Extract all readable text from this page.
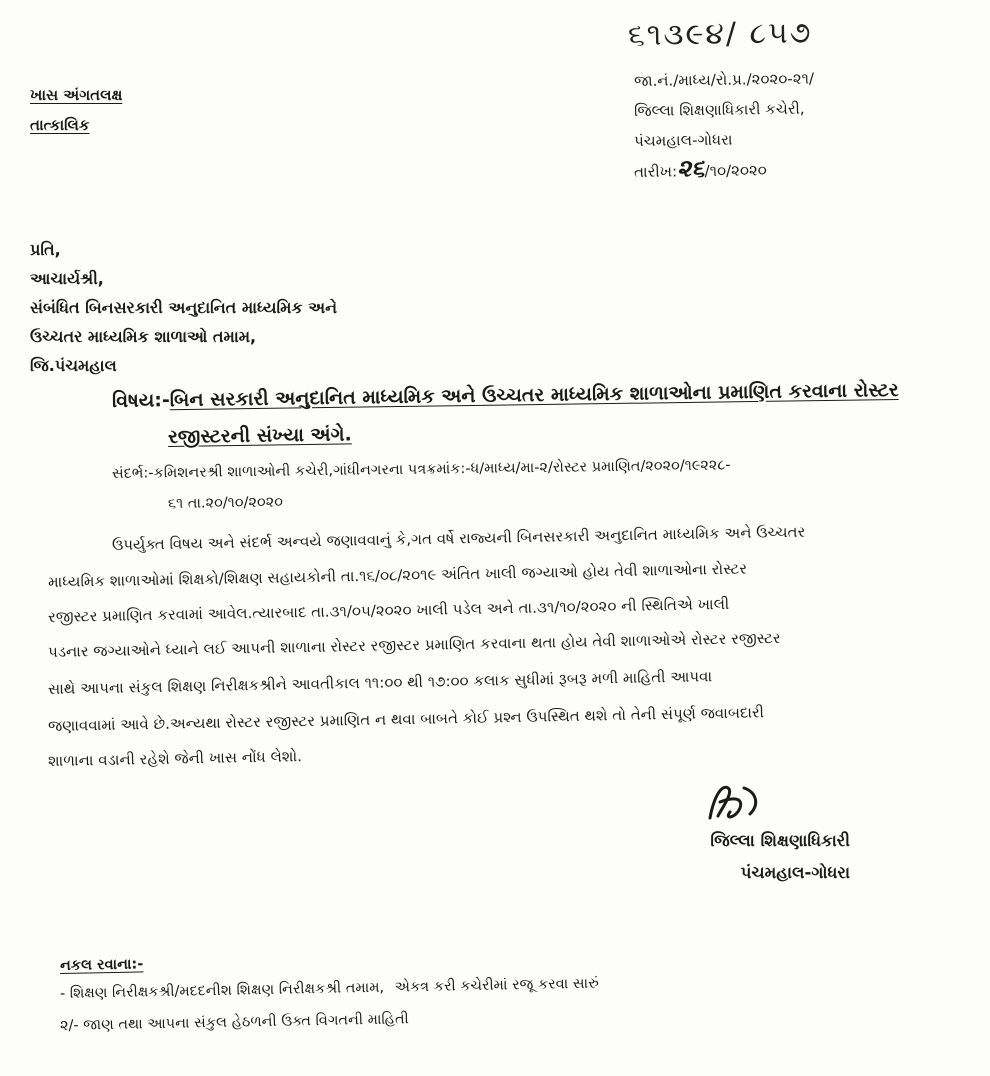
૬૧૩૯૪/ ૮૫૭
જા.નં./માધ્ય/રો.પ્ર./૨૦૨૦-૨૧/
જિલ્લા શિક્ષણાધિકારી કચેરી,
પંચમહાલ-ગોધરા
તારીખ:૨૬/૧૦/૨૦૨૦
ખાસ અંગતલક્ષ
તાત્કાલિક
પ્રતિ,
આચાર્યશ્રી,
સંબંધિત બિનસરકારી અનુદાનિત માધ્યમિક અને
ઉચ્ચતર માધ્યમિક શાળાઓ તમામ,
જિ.પંચમહાલ
વિષય:-બિન સરકારી અનુદાનિત માધ્યમિક અને ઉચ્ચતર માધ્યમિક શાળાઓના પ્રમાણિત કરવાના રોસ્ટર
રજીસ્ટરની સંખ્યા અંગે.
સંદર્ભ:-કમિશનરશ્રી શાળાઓની કચેરી,ગાંધીનગરના પત્રક્રમાંક:-ધ/માધ્ય/મા-૨/રોસ્ટર પ્રમાણિત/૨૦૨૦/૧૯૨૨૮-
૬૧ તા.૨૦/૧૦/૨૦૨૦
ઉપર્યુક્ત વિષય અને સંદર્ભ અન્વયે જણાવવાનું કે,ગત વર્ષે રાજ્યની બિનસરકારી અનુદાનિત માધ્યમિક અને ઉચ્ચતર
માધ્યમિક શાળાઓમાં શિક્ષકો/શિક્ષણ સહાયકોની તા.૧૬/૦૮/૨૦૧૯ અંતિત ખાલી જગ્યાઓ હોય તેવી શાળાઓના રોસ્ટર
રજીસ્ટર પ્રમાણિત કરવામાં આવેલ.ત્યારબાદ તા.૩૧/૦૫/૨૦૨૦ ખાલી પડેલ અને તા.૩૧/૧૦/૨૦૨૦ ની સ્થિતિએ ખાલી
પડનાર જગ્યાઓને ધ્યાને લઈ આપની શાળાના રોસ્ટર રજીસ્ટર પ્રમાણિત કરવાના થતા હોય તેવી શાળાઓએ રોસ્ટર રજીસ્ટર
સાથે આપના સંકુલ શિક્ષણ નિરીક્ષકશ્રીને આવતીકાલ ૧૧:૦૦ થી ૧૭:૦૦ કલાક સુધીમાં રૂબરૂ મળી માહિતી આપવા
જણાવવામાં આવે છે.અન્યથા રોસ્ટર રજીસ્ટર પ્રમાણિત ન થવા બાબતે કોઈ પ્રશ્ન ઉપસ્થિત થશે તો તેની સંપૂર્ણ જવાબદારી
શાળાના વડાની રહેશે જેની ખાસ નોંધ લેશો.
જિલ્લા શિક્ષણાધિકારી
પંચમહાલ-ગોધરા
નકલ રવાના:-
- શિક્ષણ નિરીક્ષકશ્રી/મદદનીશ શિક્ષણ નિરીક્ષકશ્રી તમામ, એકત્ર કરી કચેરીમાં રજૂ કરવા સારું
૨/- જાણ તથા આપના સંકુલ હેઠળની ઉક્ત વિગતની માહિતી
